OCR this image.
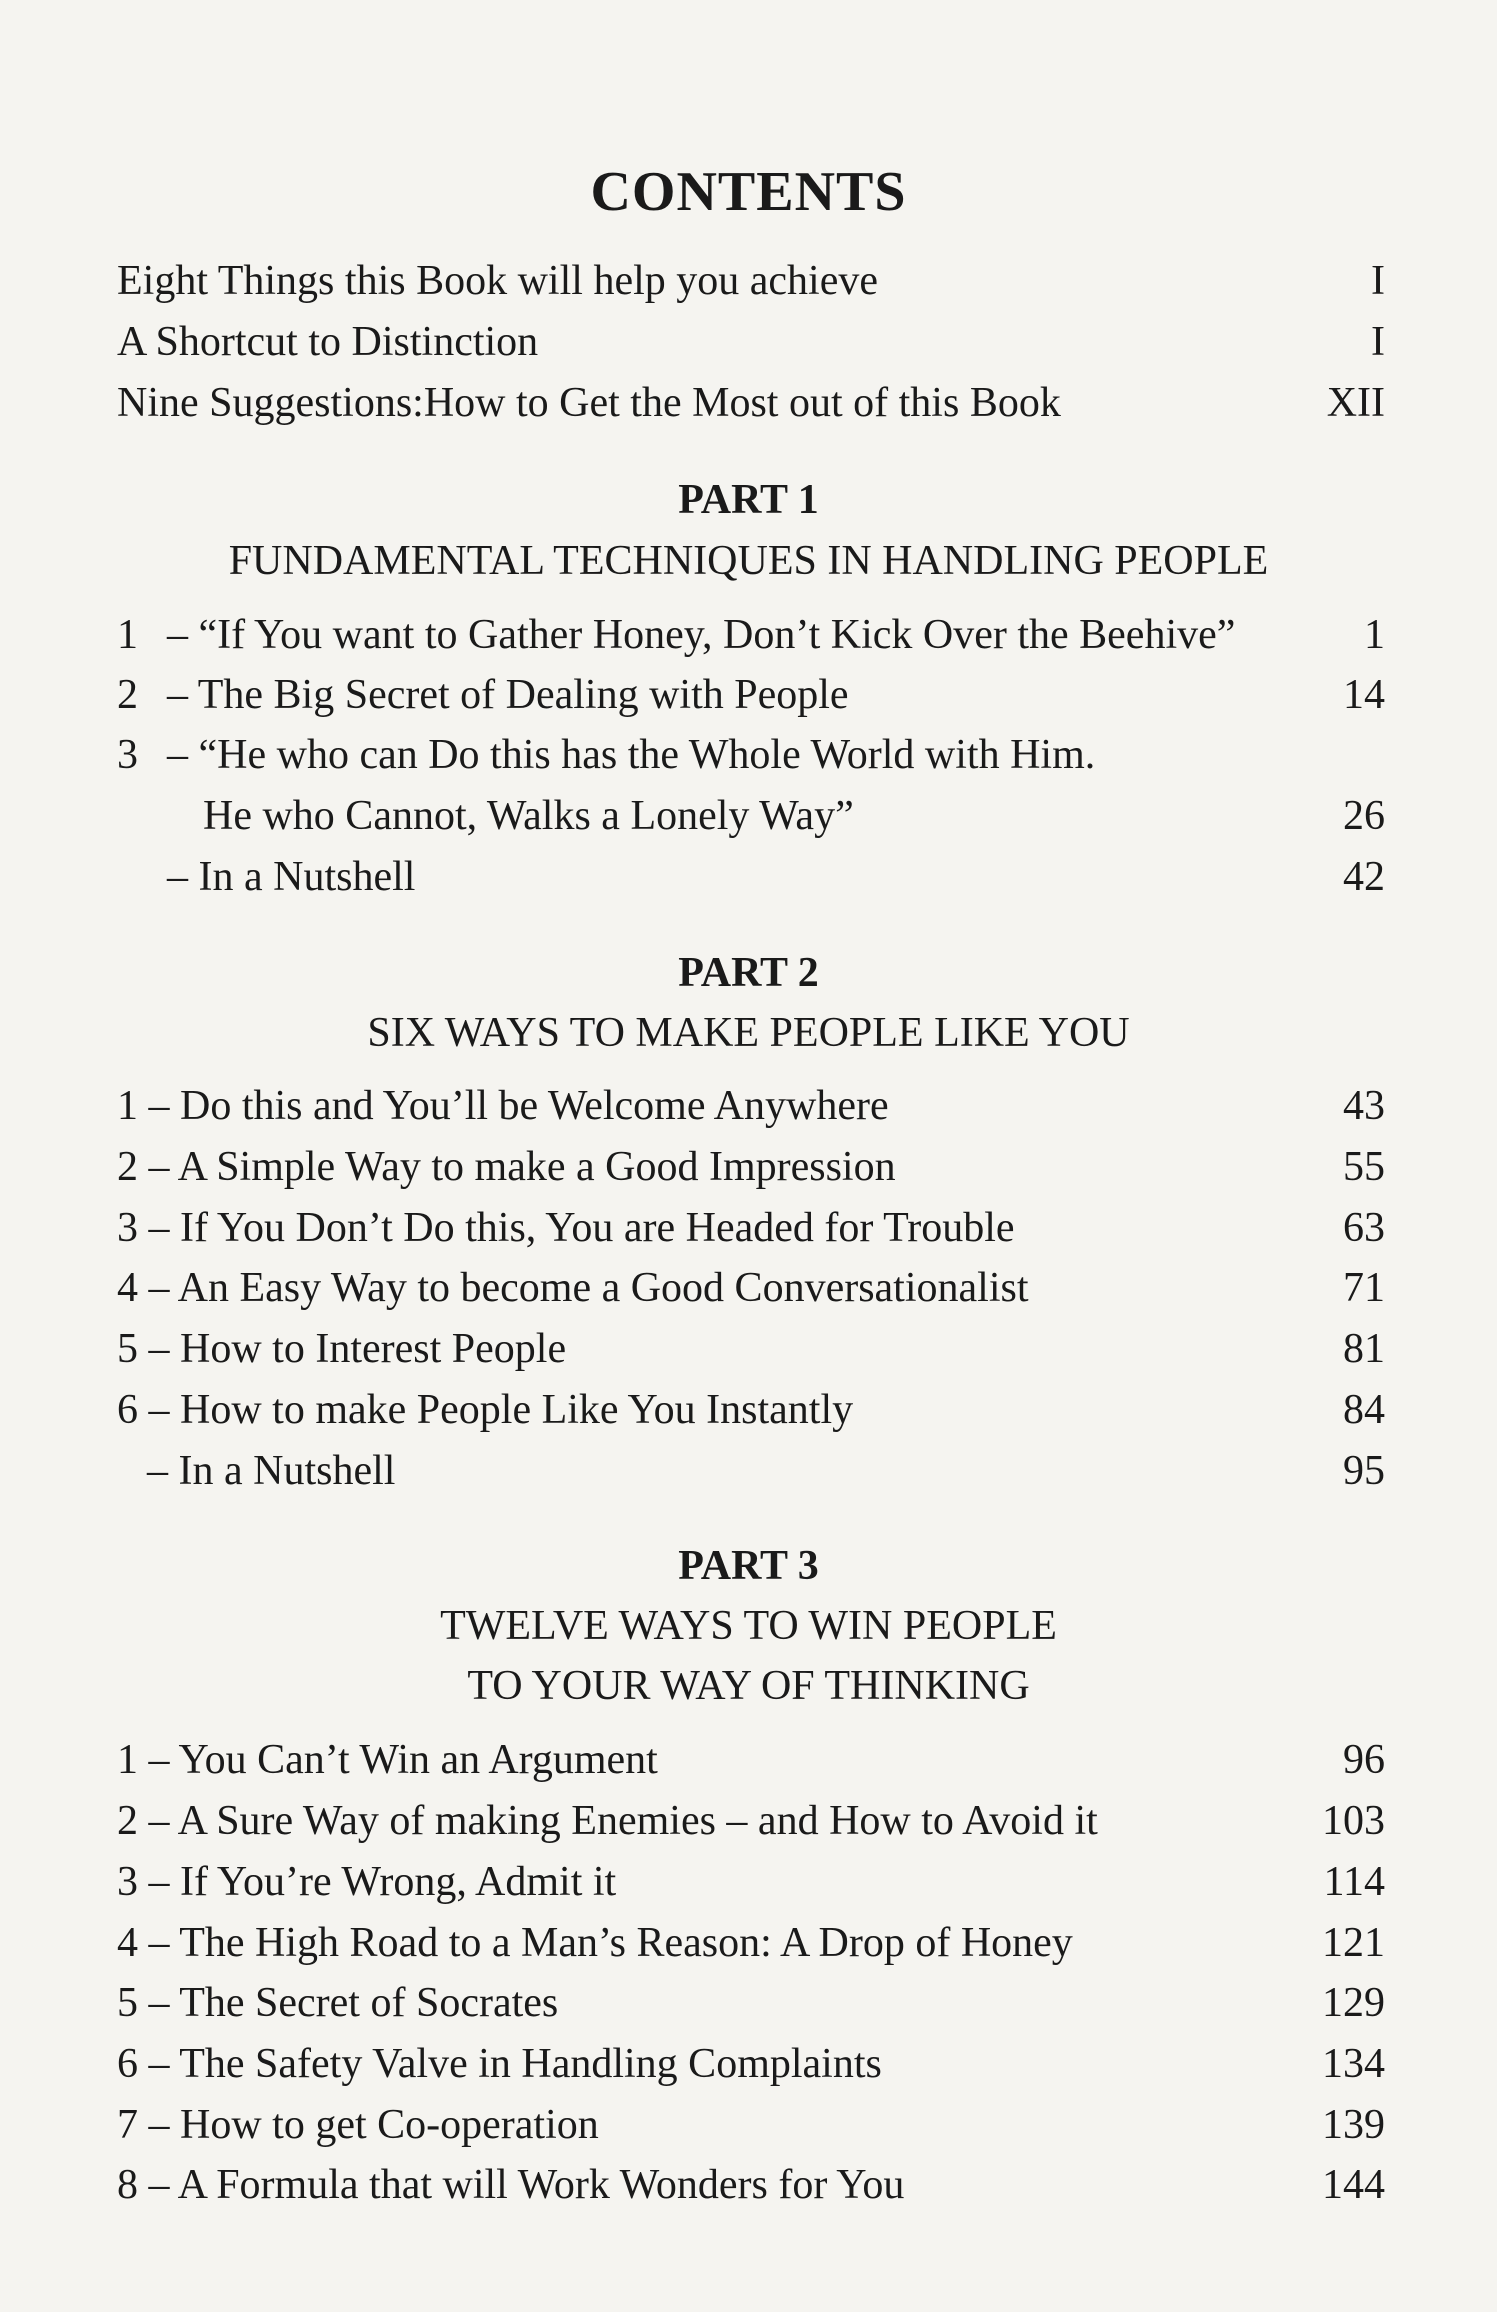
CONTENTS
Eight Things this Book will help you achieve	I
A Shortcut to Distinction	I
Nine Suggestions:How to Get the Most out of this Book	XII
PART 1
FUNDAMENTAL TECHNIQUES IN HANDLING PEOPLE
1 – “If You want to Gather Honey, Don’t Kick Over the Beehive”	1
2 – The Big Secret of Dealing with People	14
3 – “He who can Do this has the Whole World with Him.
He who Cannot, Walks a Lonely Way”	26
– In a Nutshell	42
PART 2
SIX WAYS TO MAKE PEOPLE LIKE YOU
1 – Do this and You’ll be Welcome Anywhere	43
2 – A Simple Way to make a Good Impression	55
3 – If You Don’t Do this, You are Headed for Trouble	63
4 – An Easy Way to become a Good Conversationalist	71
5 – How to Interest People	81
6 – How to make People Like You Instantly	84
– In a Nutshell	95
PART 3
TWELVE WAYS TO WIN PEOPLE
TO YOUR WAY OF THINKING
1 – You Can’t Win an Argument	96
2 – A Sure Way of making Enemies – and How to Avoid it	103
3 – If You’re Wrong, Admit it	114
4 – The High Road to a Man’s Reason: A Drop of Honey	121
5 – The Secret of Socrates	129
6 – The Safety Valve in Handling Complaints	134
7 – How to get Co-operation	139
8 – A Formula that will Work Wonders for You	144
